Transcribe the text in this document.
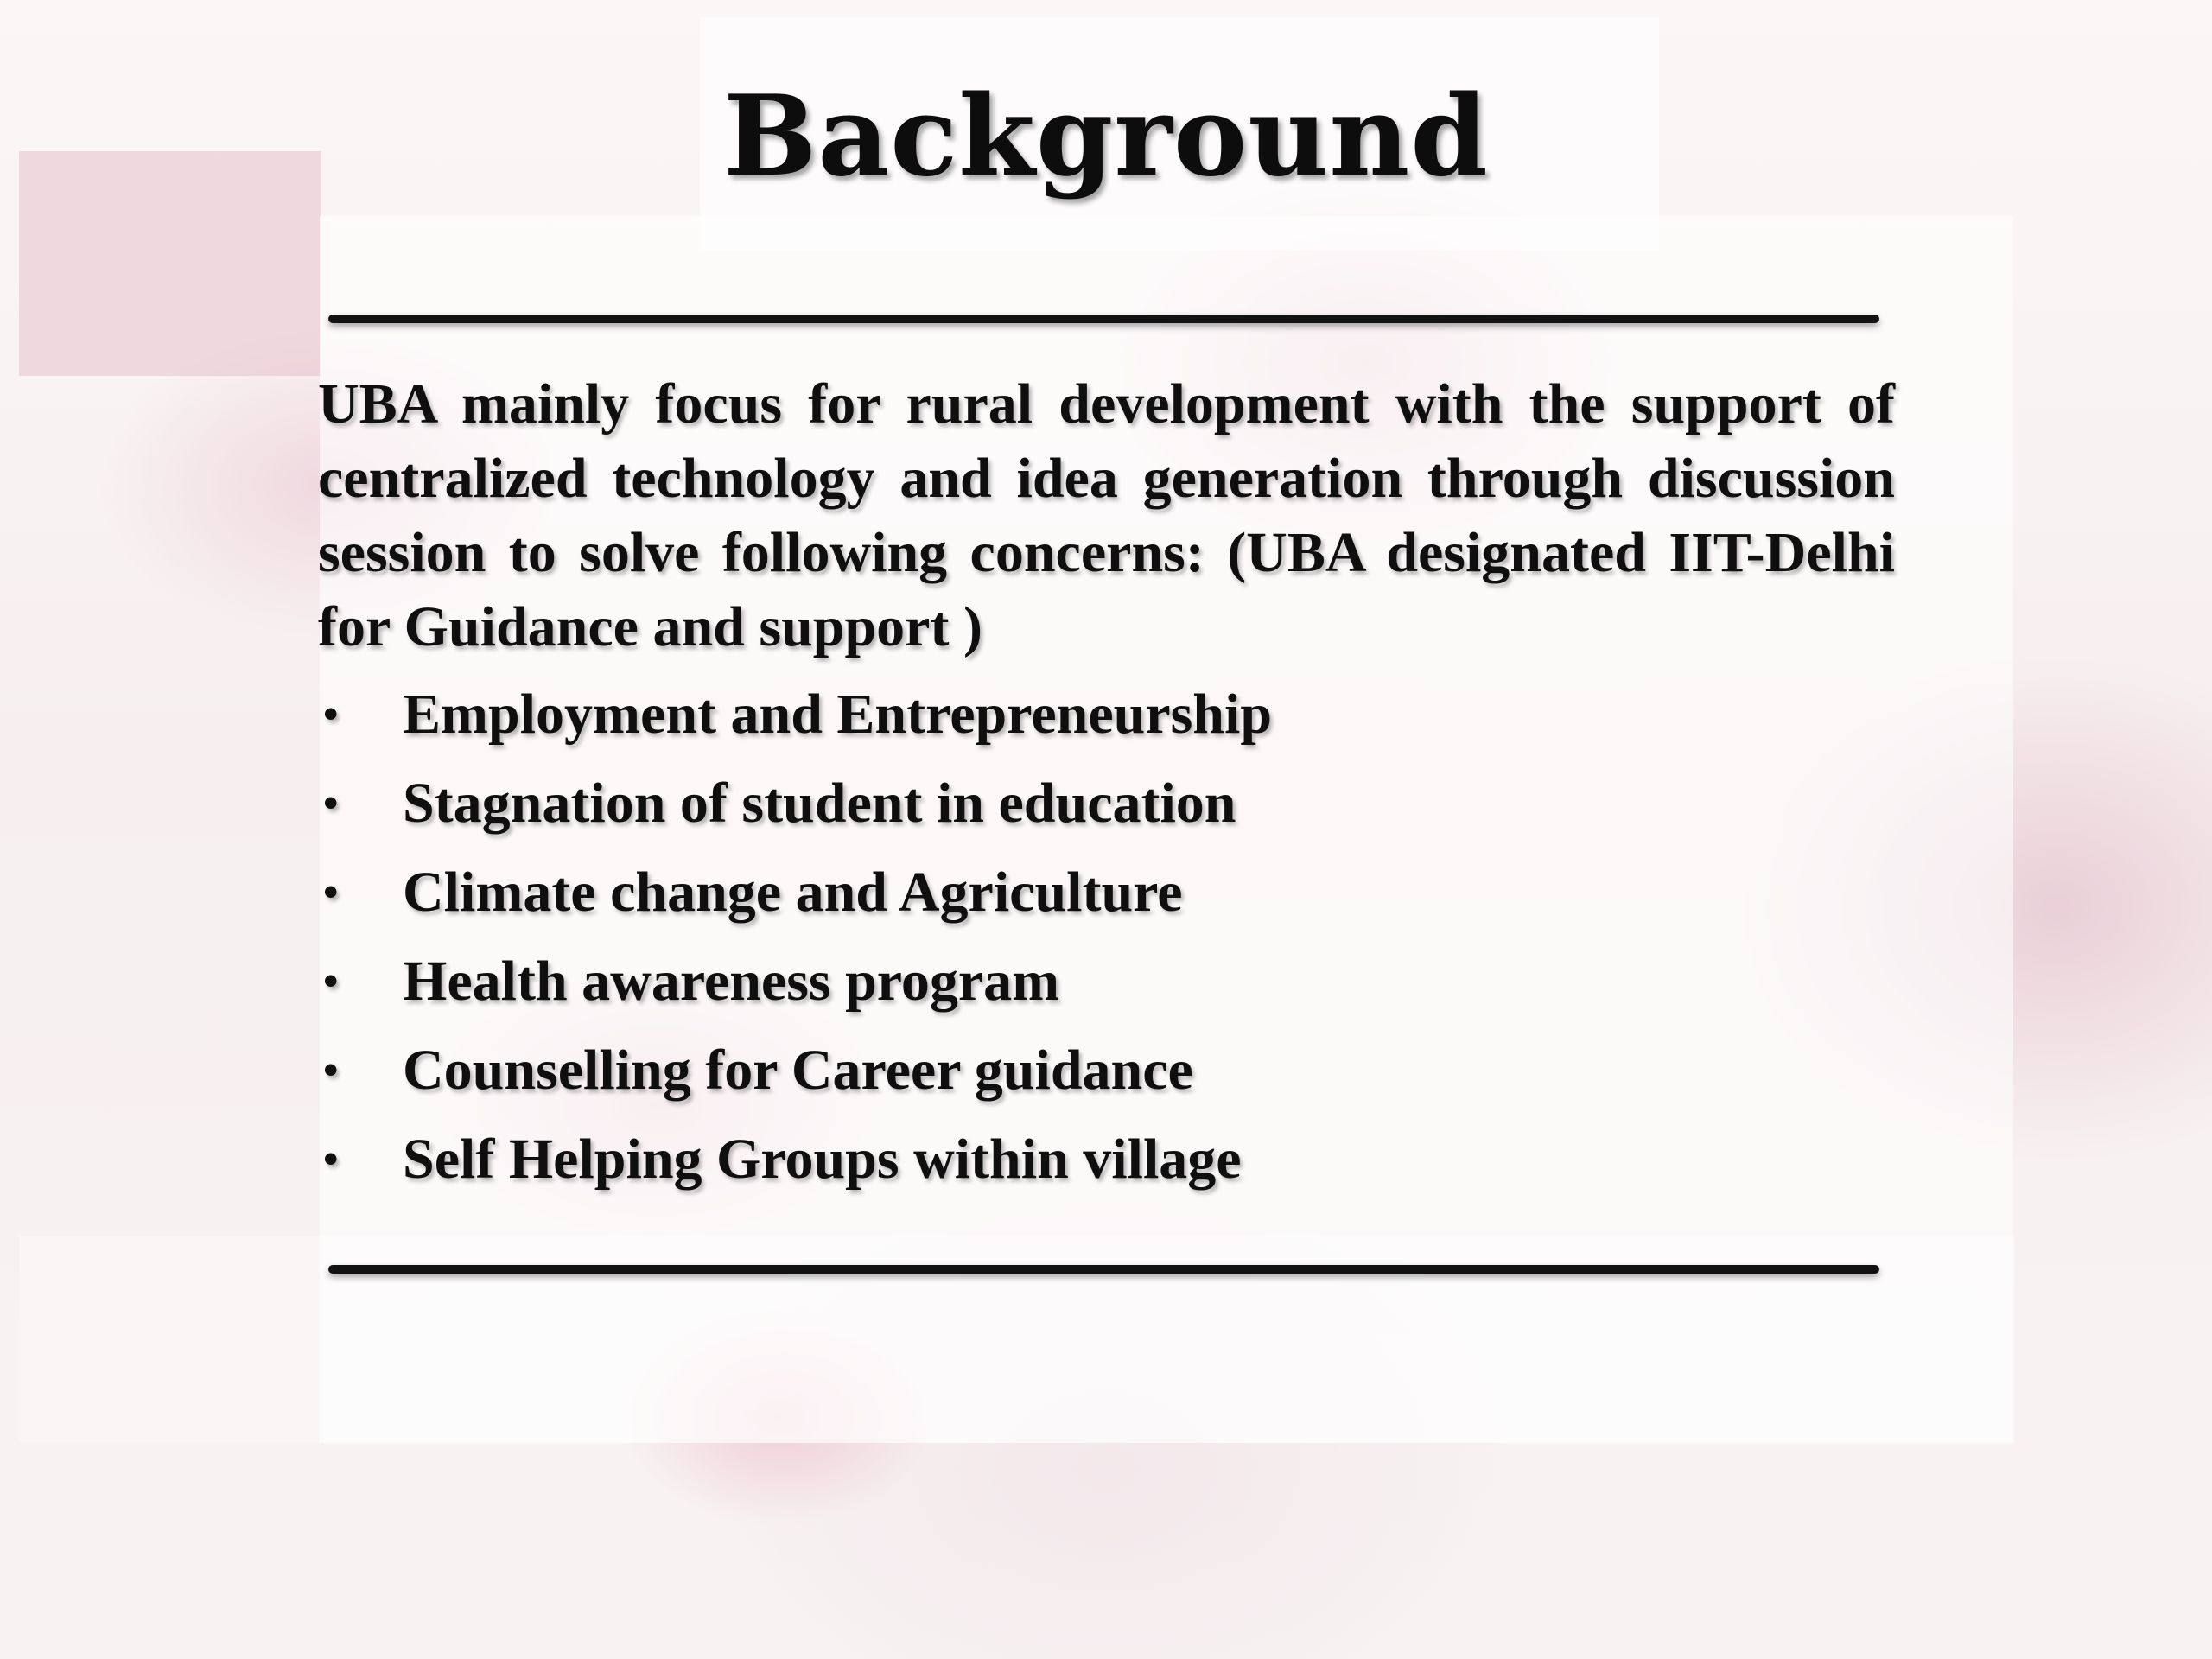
Background

UBA mainly focus for rural development with the support of centralized technology and idea generation through discussion session to solve following concerns: (UBA designated IIT-Delhi for Guidance and support )

• Employment and Entrepreneurship
• Stagnation of student in education
• Climate change and Agriculture
• Health awareness program
• Counselling for Career guidance
• Self Helping Groups within village
